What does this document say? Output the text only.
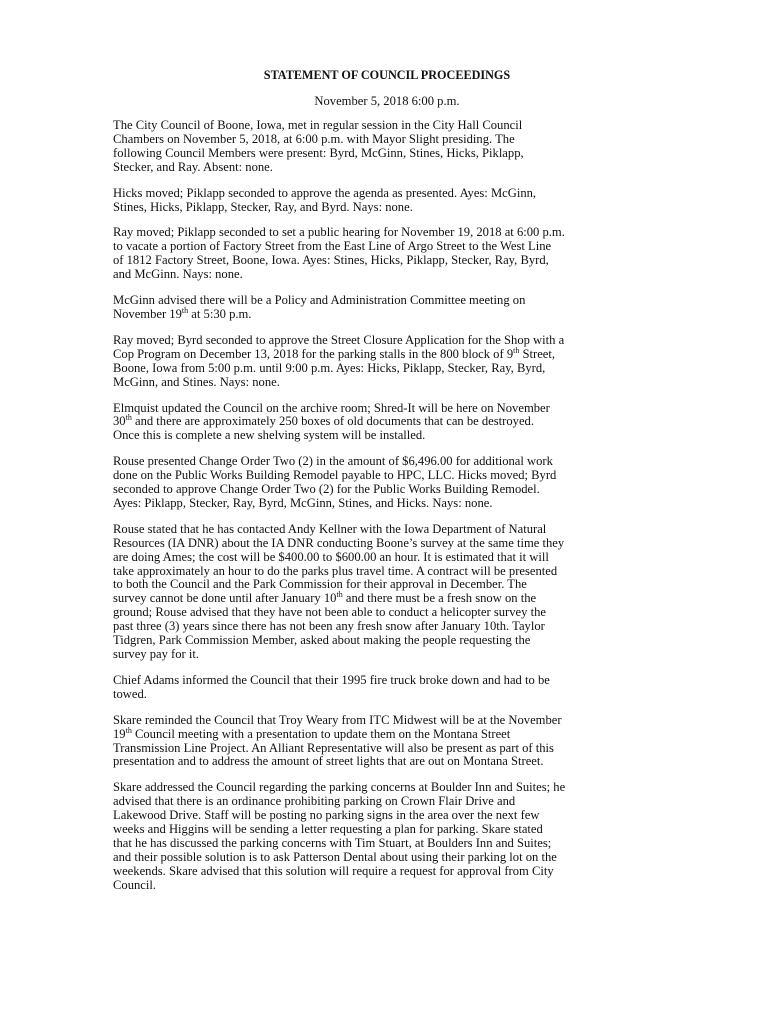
STATEMENT OF COUNCIL PROCEEDINGS
November 5, 2018 6:00 p.m.
The City Council of Boone, Iowa, met in regular session in the City Hall Council
Chambers on November 5, 2018, at 6:00 p.m. with Mayor Slight presiding. The
following Council Members were present: Byrd, McGinn, Stines, Hicks, Piklapp,
Stecker, and Ray. Absent: none.
Hicks moved; Piklapp seconded to approve the agenda as presented. Ayes: McGinn,
Stines, Hicks, Piklapp, Stecker, Ray, and Byrd. Nays: none.
Ray moved; Piklapp seconded to set a public hearing for November 19, 2018 at 6:00 p.m.
to vacate a portion of Factory Street from the East Line of Argo Street to the West Line
of 1812 Factory Street, Boone, Iowa. Ayes: Stines, Hicks, Piklapp, Stecker, Ray, Byrd,
and McGinn. Nays: none.
McGinn advised there will be a Policy and Administration Committee meeting on
November 19th at 5:30 p.m.
Ray moved; Byrd seconded to approve the Street Closure Application for the Shop with a
Cop Program on December 13, 2018 for the parking stalls in the 800 block of 9th Street,
Boone, Iowa from 5:00 p.m. until 9:00 p.m. Ayes: Hicks, Piklapp, Stecker, Ray, Byrd,
McGinn, and Stines. Nays: none.
Elmquist updated the Council on the archive room; Shred-It will be here on November
30th and there are approximately 250 boxes of old documents that can be destroyed.
Once this is complete a new shelving system will be installed.
Rouse presented Change Order Two (2) in the amount of $6,496.00 for additional work
done on the Public Works Building Remodel payable to HPC, LLC. Hicks moved; Byrd
seconded to approve Change Order Two (2) for the Public Works Building Remodel.
Ayes: Piklapp, Stecker, Ray, Byrd, McGinn, Stines, and Hicks. Nays: none.
Rouse stated that he has contacted Andy Kellner with the Iowa Department of Natural
Resources (IA DNR) about the IA DNR conducting Boone’s survey at the same time they
are doing Ames; the cost will be $400.00 to $600.00 an hour. It is estimated that it will
take approximately an hour to do the parks plus travel time. A contract will be presented
to both the Council and the Park Commission for their approval in December. The
survey cannot be done until after January 10th and there must be a fresh snow on the
ground; Rouse advised that they have not been able to conduct a helicopter survey the
past three (3) years since there has not been any fresh snow after January 10th. Taylor
Tidgren, Park Commission Member, asked about making the people requesting the
survey pay for it.
Chief Adams informed the Council that their 1995 fire truck broke down and had to be
towed.
Skare reminded the Council that Troy Weary from ITC Midwest will be at the November
19th Council meeting with a presentation to update them on the Montana Street
Transmission Line Project. An Alliant Representative will also be present as part of this
presentation and to address the amount of street lights that are out on Montana Street.
Skare addressed the Council regarding the parking concerns at Boulder Inn and Suites; he
advised that there is an ordinance prohibiting parking on Crown Flair Drive and
Lakewood Drive. Staff will be posting no parking signs in the area over the next few
weeks and Higgins will be sending a letter requesting a plan for parking. Skare stated
that he has discussed the parking concerns with Tim Stuart, at Boulders Inn and Suites;
and their possible solution is to ask Patterson Dental about using their parking lot on the
weekends. Skare advised that this solution will require a request for approval from City
Council.
